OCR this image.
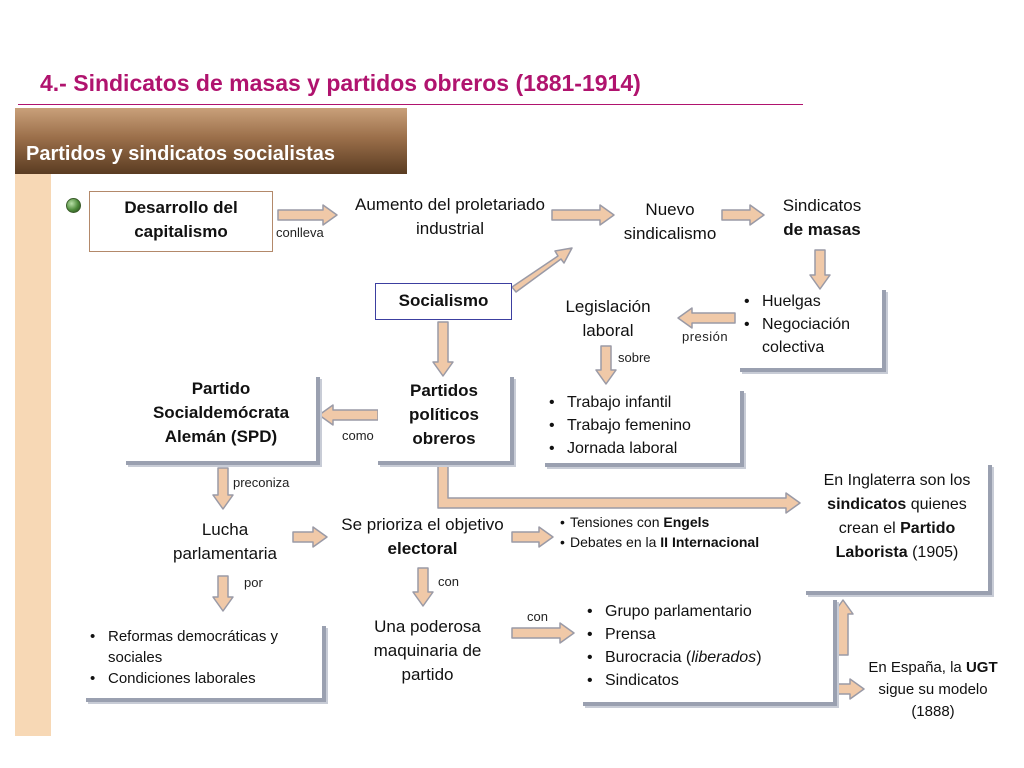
4.- Sindicatos de masas y partidos obreros (1881-1914)
Partidos y sindicatos socialistas
Desarrollo del capitalismo	conlleva
Aumento del proletariado industrial
Nuevo sindicalismo
Sindicatos
de masas
Socialismo	Legislación laboral	presión
sobre
• Huelgas
• Negociación colectiva
• Trabajo infantil
• Trabajo femenino
• Jornada laboral
Partido Socialdemócrata Alemán (SPD)	como
Partidos políticos obreros
preconiza	En Inglaterra son los sindicatos quienes crean el Partido Laborista (1905)
Lucha parlamentaria
Se prioriza el objetivo electoral
• Tensiones con Engels
• Debates en la II Internacional
por	con
con
• Reformas democráticas y sociales
• Condiciones laborales
Una poderosa maquinaria de partido
• Grupo parlamentario
• Prensa
• Burocracia (liberados)
• Sindicatos
En España, la UGT sigue su modelo (1888)
